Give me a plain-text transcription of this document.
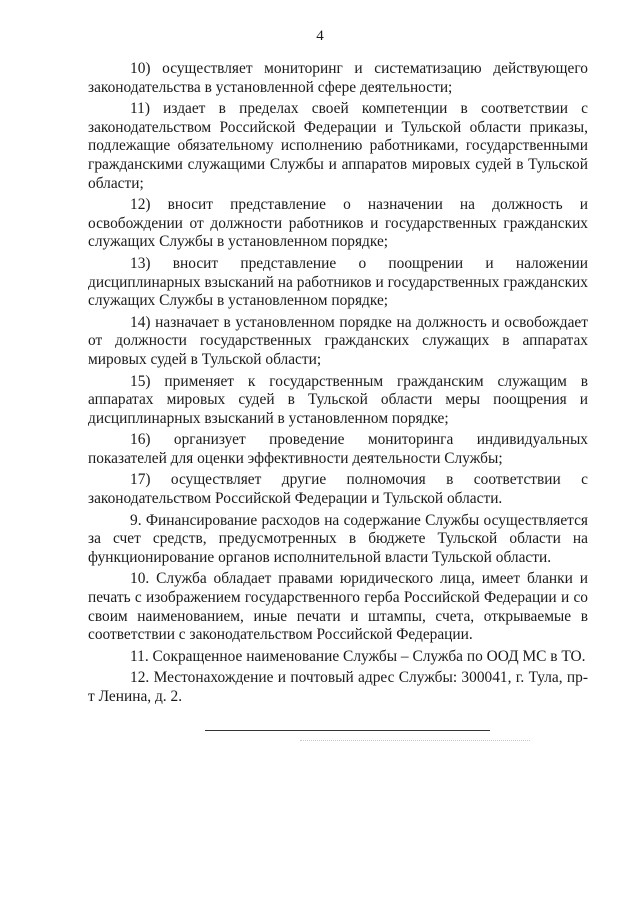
4

10) осуществляет мониторинг и систематизацию действующего законодательства в установленной сфере деятельности;

11) издает в пределах своей компетенции в соответствии с законодательством Российской Федерации и Тульской области приказы, подлежащие обязательному исполнению работниками, государственными гражданскими служащими Службы и аппаратов мировых судей в Тульской области;

12) вносит представление о назначении на должность и освобождении от должности работников и государственных гражданских служащих Службы в установленном порядке;

13) вносит представление о поощрении и наложении дисциплинарных взысканий на работников и государственных гражданских служащих Службы в установленном порядке;

14) назначает в установленном порядке на должность и освобождает от должности государственных гражданских служащих в аппаратах мировых судей в Тульской области;

15) применяет к государственным гражданским служащим в аппаратах мировых судей в Тульской области меры поощрения и дисциплинарных взысканий в установленном порядке;

16) организует проведение мониторинга индивидуальных показателей для оценки эффективности деятельности Службы;

17) осуществляет другие полномочия в соответствии с законодательством Российской Федерации и Тульской области.

9. Финансирование расходов на содержание Службы осуществляется за счет средств, предусмотренных в бюджете Тульской области на функционирование органов исполнительной власти Тульской области.

10. Служба обладает правами юридического лица, имеет бланки и печать с изображением государственного герба Российской Федерации и со своим наименованием, иные печати и штампы, счета, открываемые в соответствии с законодательством Российской Федерации.

11. Сокращенное наименование Службы – Служба по ООД МС в ТО.

12. Местонахождение и почтовый адрес Службы: 300041, г. Тула, пр-т Ленина, д. 2.
